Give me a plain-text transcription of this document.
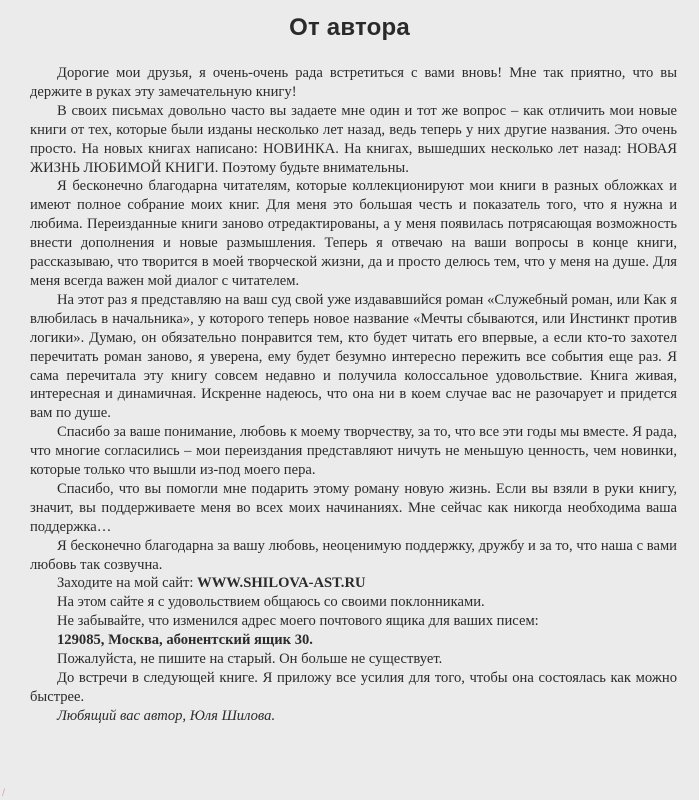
От автора

Дорогие мои друзья, я очень-очень рада встретиться с вами вновь! Мне так приятно, что вы держите в руках эту замечательную книгу!

В своих письмах довольно часто вы задаете мне один и тот же вопрос – как отличить мои новые книги от тех, которые были изданы несколько лет назад, ведь теперь у них другие названия. Это очень просто. На новых книгах написано: НОВИНКА. На книгах, вышедших несколько лет назад: НОВАЯ ЖИЗНЬ ЛЮБИМОЙ КНИГИ. Поэтому будьте внимательны.

Я бесконечно благодарна читателям, которые коллекционируют мои книги в разных обложках и имеют полное собрание моих книг. Для меня это большая честь и показатель того, что я нужна и любима. Переизданные книги заново отредактированы, а у меня появилась потрясающая возможность внести дополнения и новые размышления. Теперь я отвечаю на ваши вопросы в конце книги, рассказываю, что творится в моей творческой жизни, да и просто делюсь тем, что у меня на душе. Для меня всегда важен мой диалог с читателем.

На этот раз я представляю на ваш суд свой уже издававшийся роман «Служебный роман, или Как я влюбилась в начальника», у которого теперь новое название «Мечты сбываются, или Инстинкт против логики». Думаю, он обязательно понравится тем, кто будет читать его впервые, а если кто-то захотел перечитать роман заново, я уверена, ему будет безумно интересно пережить все события еще раз. Я сама перечитала эту книгу совсем недавно и получила колоссальное удовольствие. Книга живая, интересная и динамичная. Искренне надеюсь, что она ни в коем случае вас не разочарует и придется вам по душе.

Спасибо за ваше понимание, любовь к моему творчеству, за то, что все эти годы мы вместе. Я рада, что многие согласились – мои переиздания представляют ничуть не меньшую ценность, чем новинки, которые только что вышли из-под моего пера.

Спасибо, что вы помогли мне подарить этому роману новую жизнь. Если вы взяли в руки книгу, значит, вы поддерживаете меня во всех моих начинаниях. Мне сейчас как никогда необходима ваша поддержка…

Я бесконечно благодарна за вашу любовь, неоценимую поддержку, дружбу и за то, что наша с вами любовь так созвучна.

Заходите на мой сайт: WWW.SHILOVA-AST.RU

На этом сайте я с удовольствием общаюсь со своими поклонниками.

Не забывайте, что изменился адрес моего почтового ящика для ваших писем:

129085, Москва, абонентский ящик 30.

Пожалуйста, не пишите на старый. Он больше не существует.

До встречи в следующей книге. Я приложу все усилия для того, чтобы она состоялась как можно быстрее.

Любящий вас автор, Юля Шилова.

∕
